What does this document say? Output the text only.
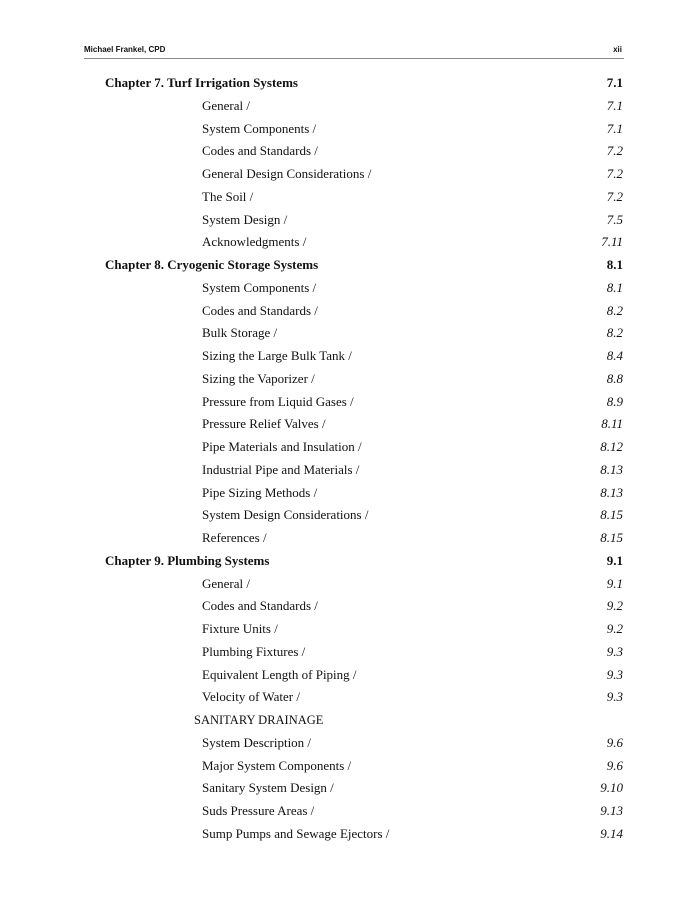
Michael Frankel, CPD	xii
Chapter 7. Turf Irrigation Systems	7.1
General /	7.1
System Components /	7.1
Codes and Standards /	7.2
General Design Considerations /	7.2
The Soil /	7.2
System Design /	7.5
Acknowledgments /	7.11
Chapter 8. Cryogenic Storage Systems	8.1
System Components /	8.1
Codes and Standards /	8.2
Bulk Storage /	8.2
Sizing the Large Bulk Tank /	8.4
Sizing the Vaporizer /	8.8
Pressure from Liquid Gases /	8.9
Pressure Relief Valves /	8.11
Pipe Materials and Insulation /	8.12
Industrial Pipe and Materials /	8.13
Pipe Sizing Methods /	8.13
System Design Considerations /	8.15
References /	8.15
Chapter 9. Plumbing Systems	9.1
General /	9.1
Codes and Standards /	9.2
Fixture Units /	9.2
Plumbing Fixtures /	9.3
Equivalent Length of Piping /	9.3
Velocity of Water /	9.3
SANITARY DRAINAGE
System Description /	9.6
Major System Components /	9.6
Sanitary System Design /	9.10
Suds Pressure Areas /	9.13
Sump Pumps and Sewage Ejectors /	9.14
